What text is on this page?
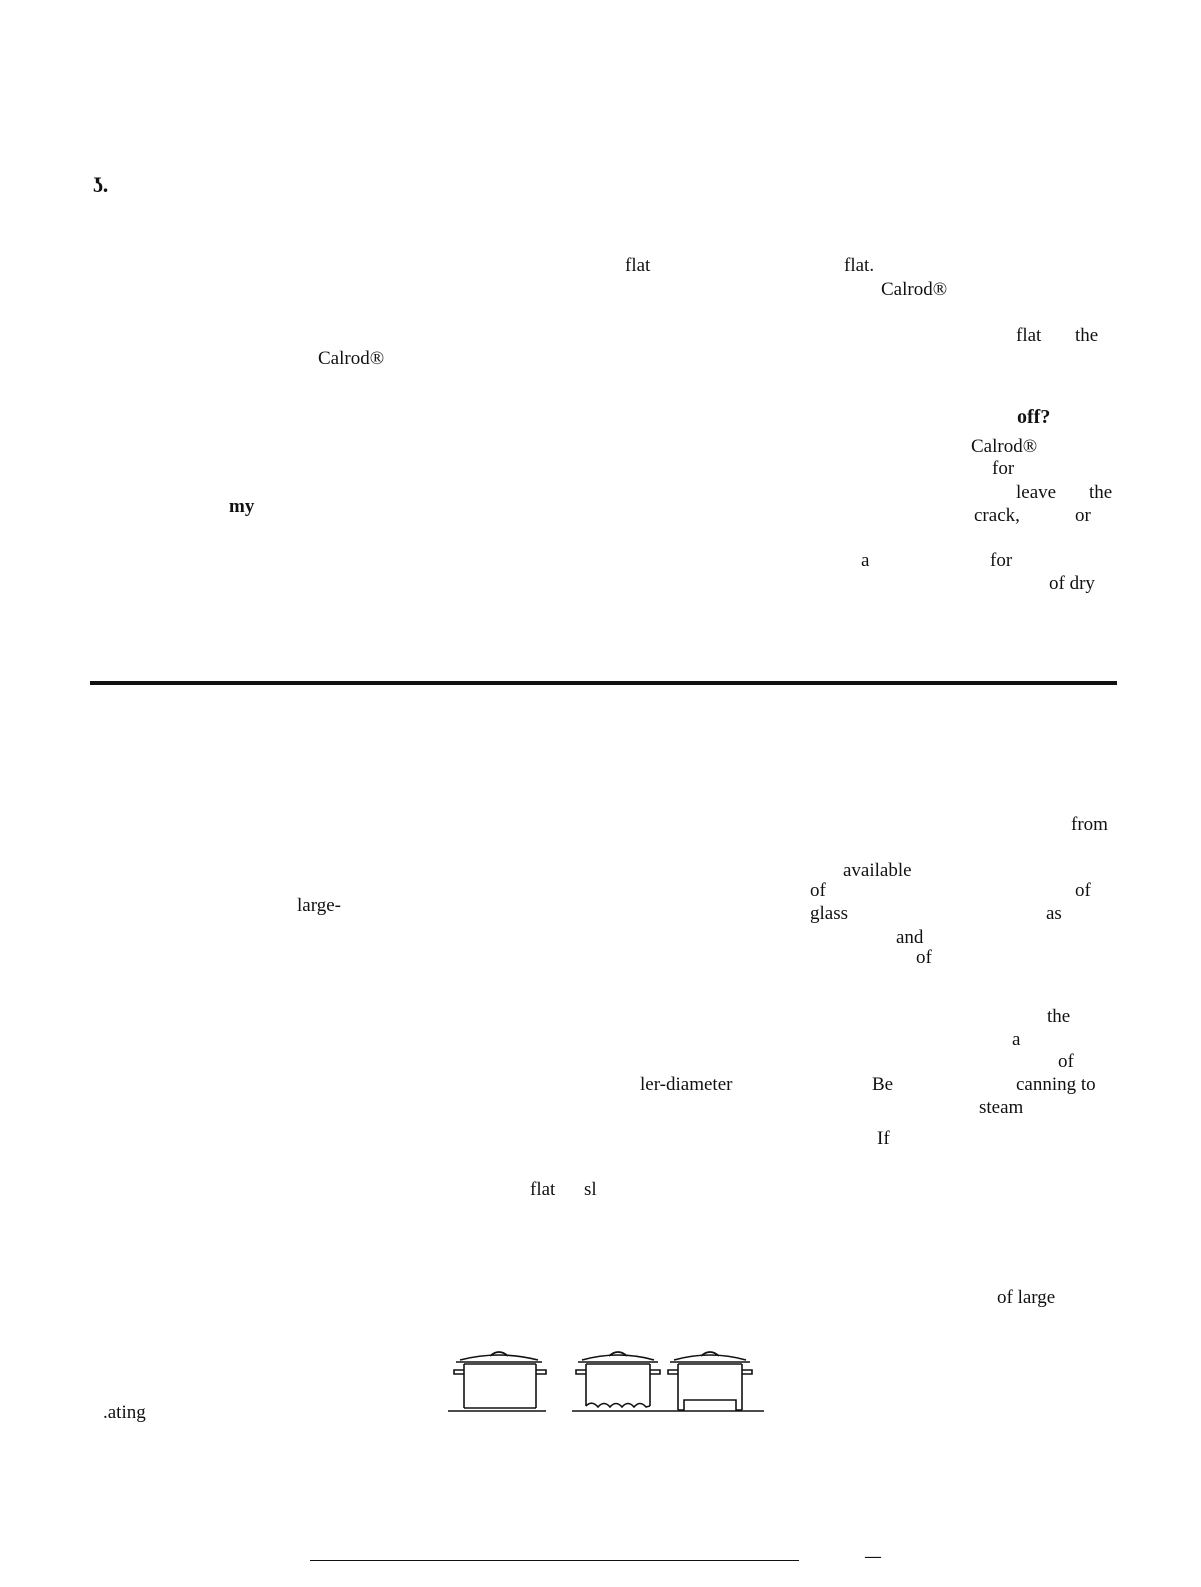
ʖ.
flat	flat.
Calrod®
flat the
Calrod®
off?
Calrod®
for
leave the
my	crack,	or
a	for
of dry
from
available
of	of
large-	glass	as
and
of
the
a
of
ler-diameter	Be	canning to
steam
If
flat sl
of large
.ating
—
